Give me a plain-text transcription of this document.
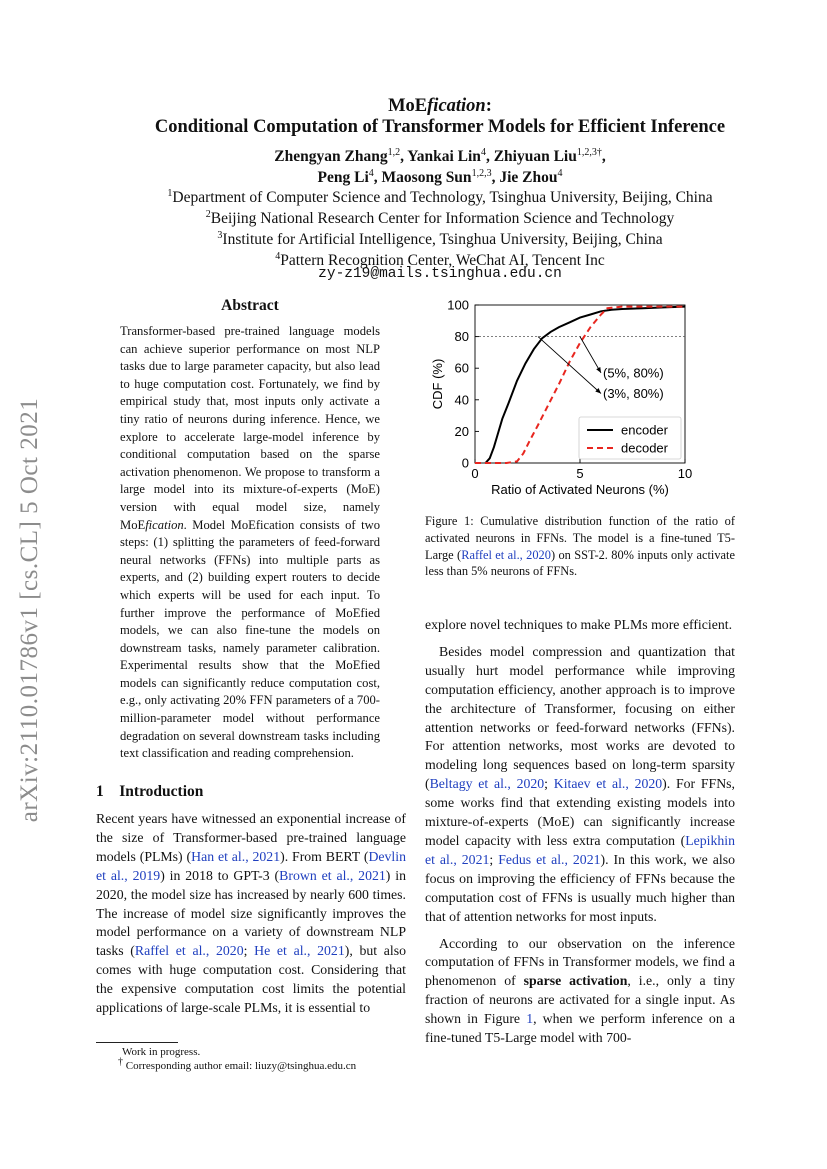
arXiv:2110.01786v1 [cs.CL] 5 Oct 2021
MoEfication:
Conditional Computation of Transformer Models for Efficient Inference
Zhengyan Zhang$^{1,2}$, Yankai Lin$^4$, Zhiyuan Liu$^{1,2,3\dagger}$,
Peng Li$^4$, Maosong Sun$^{1,2,3}$, Jie Zhou$^4$
$^1$Department of Computer Science and Technology, Tsinghua University, Beijing, China
$^2$Beijing National Research Center for Information Science and Technology
$^3$Institute for Artificial Intelligence, Tsinghua University, Beijing, China
$^4$Pattern Recognition Center, WeChat AI, Tencent Inc
zy-z19@mails.tsinghua.edu.cn
Abstract
Transformer-based pre-trained language models can achieve superior performance on most NLP tasks due to large parameter capacity, but also lead to huge computation cost. Fortunately, we find by empirical study that, most inputs only activate a tiny ratio of neurons during inference. Hence, we explore to accelerate large-model inference by conditional computation based on the sparse activation phenomenon. We propose to transform a large model into its mixture-of-experts (MoE) version with equal model size, namely MoEfication. Model MoEfication consists of two steps: (1) splitting the parameters of feed-forward neural networks (FFNs) into multiple parts as experts, and (2) building expert routers to decide which experts will be used for each input. To further improve the performance of MoEfied models, we can also fine-tune the models on downstream tasks, namely parameter calibration. Experimental results show that the MoEfied models can significantly reduce computation cost, e.g., only activating 20% FFN parameters of a 700-million-parameter model without performance degradation on several downstream tasks including text classification and reading comprehension.
1 Introduction
Recent years have witnessed an exponential increase of the size of Transformer-based pre-trained language models (PLMs) (Han et al., 2021). From BERT (Devlin et al., 2019) in 2018 to GPT-3 (Brown et al., 2021) in 2020, the model size has increased by nearly 600 times. The increase of model size significantly improves the model performance on a variety of downstream NLP tasks (Raffel et al., 2020; He et al., 2021), but also comes with huge computation cost. Considering that the expensive computation cost limits the potential applications of large-scale PLMs, it is essential to
Work in progress.
† Corresponding author email: liuzy@tsinghua.edu.cn
0
20
40
60
80
100
0	5	10
Ratio of Activated Neurons (%)
CDF (%)	(5%, 80%)
(3%, 80%)
encoder
decoder
Figure 1: Cumulative distribution function of the ratio of activated neurons in FFNs. The model is a fine-tuned T5-Large (Raffel et al., 2020) on SST-2. 80% inputs only activate less than 5% neurons of FFNs.

explore novel techniques to make PLMs more efficient.

Besides model compression and quantization that usually hurt model performance while improving computation efficiency, another approach is to improve the architecture of Transformer, focusing on either attention networks or feed-forward networks (FFNs). For attention networks, most works are devoted to modeling long sequences based on long-term sparsity (Beltagy et al., 2020; Kitaev et al., 2020). For FFNs, some works find that extending existing models into mixture-of-experts (MoE) can significantly increase model capacity with less extra computation (Lepikhin et al., 2021; Fedus et al., 2021). In this work, we also focus on improving the efficiency of FFNs because the computation cost of FFNs is usually much higher than that of attention networks for most inputs.

According to our observation on the inference computation of FFNs in Transformer models, we find a phenomenon of sparse activation, i.e., only a tiny fraction of neurons are activated for a single input. As shown in Figure 1, when we perform inference on a fine-tuned T5-Large model with 700-
